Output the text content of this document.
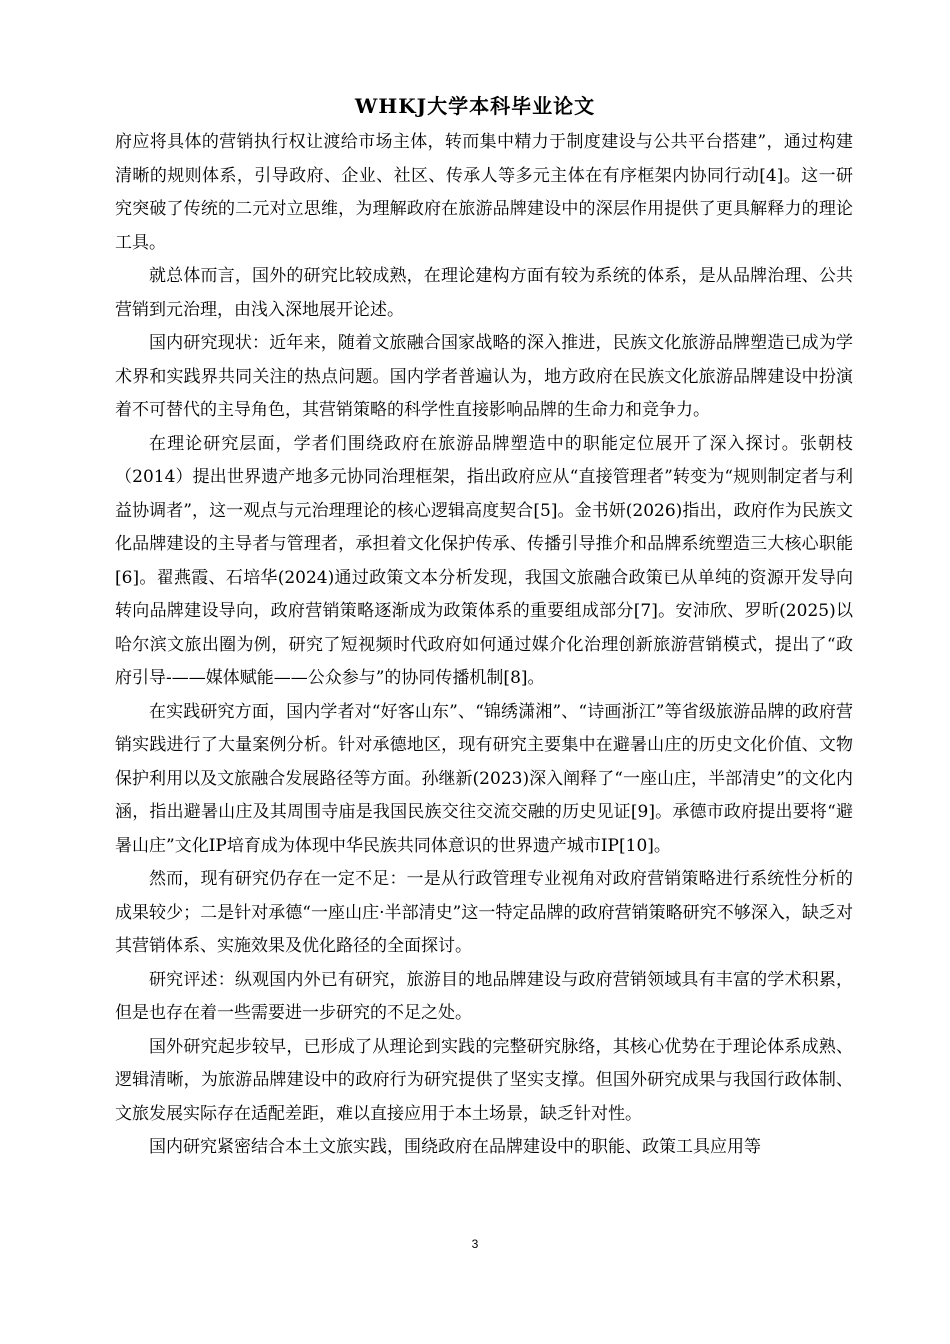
WHKJ大学本科毕业论文

府应将具体的营销执行权让渡给市场主体，转而集中精力于制度建设与公共平台搭建”，通过构建清晰的规则体系，引导政府、企业、社区、传承人等多元主体在有序框架内协同行动[4]。这一研究突破了传统的二元对立思维，为理解政府在旅游品牌建设中的深层作用提供了更具解释力的理论工具。

就总体而言，国外的研究比较成熟，在理论建构方面有较为系统的体系，是从品牌治理、公共营销到元治理，由浅入深地展开论述。

国内研究现状：近年来，随着文旅融合国家战略的深入推进，民族文化旅游品牌塑造已成为学术界和实践界共同关注的热点问题。国内学者普遍认为，地方政府在民族文化旅游品牌建设中扮演着不可替代的主导角色，其营销策略的科学性直接影响品牌的生命力和竞争力。

在理论研究层面，学者们围绕政府在旅游品牌塑造中的职能定位展开了深入探讨。张朝枝（2014）提出世界遗产地多元协同治理框架，指出政府应从“直接管理者”转变为“规则制定者与利益协调者”，这一观点与元治理理论的核心逻辑高度契合[5]。金书妍(2026)指出，政府作为民族文化品牌建设的主导者与管理者，承担着文化保护传承、传播引导推介和品牌系统塑造三大核心职能[6]。翟燕霞、石培华(2024)通过政策文本分析发现，我国文旅融合政策已从单纯的资源开发导向转向品牌建设导向，政府营销策略逐渐成为政策体系的重要组成部分[7]。安沛欣、罗昕(2025)以哈尔滨文旅出圈为例，研究了短视频时代政府如何通过媒介化治理创新旅游营销模式，提出了“政府引导-——媒体赋能——公众参与”的协同传播机制[8]。

在实践研究方面，国内学者对“好客山东”、“锦绣潇湘”、“诗画浙江”等省级旅游品牌的政府营销实践进行了大量案例分析。针对承德地区，现有研究主要集中在避暑山庄的历史文化价值、文物保护利用以及文旅融合发展路径等方面。孙继新(2023)深入阐释了“一座山庄，半部清史”的文化内涵，指出避暑山庄及其周围寺庙是我国民族交往交流交融的历史见证[9]。承德市政府提出要将“避暑山庄”文化IP培育成为体现中华民族共同体意识的世界遗产城市IP[10]。

然而，现有研究仍存在一定不足：一是从行政管理专业视角对政府营销策略进行系统性分析的成果较少；二是针对承德“一座山庄·半部清史”这一特定品牌的政府营销策略研究不够深入，缺乏对其营销体系、实施效果及优化路径的全面探讨。

研究评述：纵观国内外已有研究，旅游目的地品牌建设与政府营销领域具有丰富的学术积累，但是也存在着一些需要进一步研究的不足之处。

国外研究起步较早，已形成了从理论到实践的完整研究脉络，其核心优势在于理论体系成熟、逻辑清晰，为旅游品牌建设中的政府行为研究提供了坚实支撑。但国外研究成果与我国行政体制、文旅发展实际存在适配差距，难以直接应用于本土场景，缺乏针对性。

国内研究紧密结合本土文旅实践，围绕政府在品牌建设中的职能、政策工具应用等

3
